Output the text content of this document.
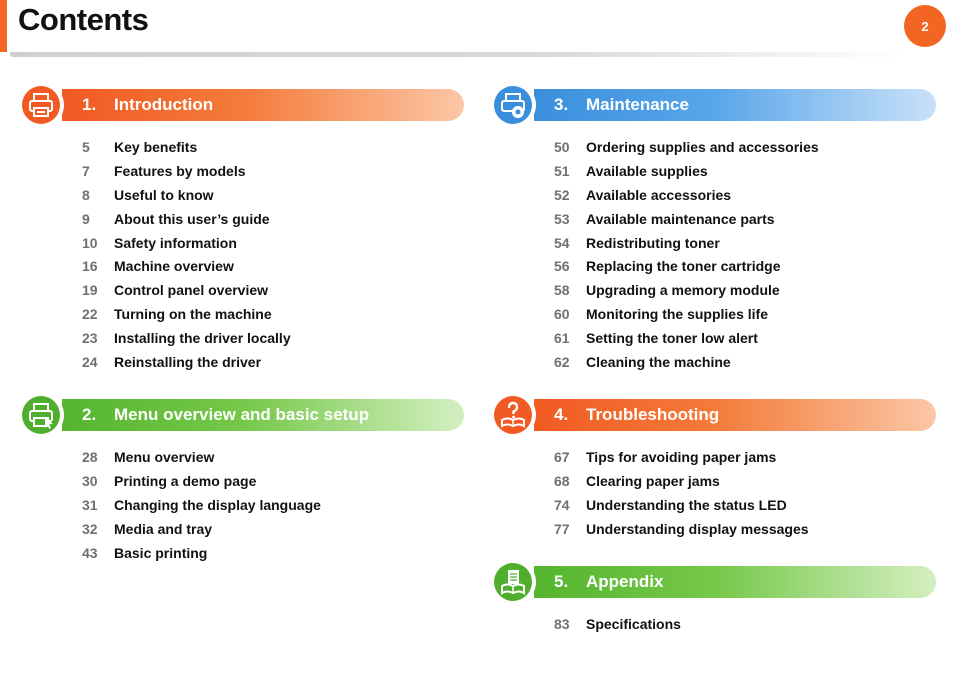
Contents	2
1.	Introduction
5	Key benefits
7	Features by models
8	Useful to know
9	About this user’s guide
10	Safety information
16	Machine overview
19	Control panel overview
22	Turning on the machine
23	Installing the driver locally
24	Reinstalling the driver
2.	Menu overview and basic setup
28	Menu overview
30	Printing a demo page
31	Changing the display language
32	Media and tray
43	Basic printing
3.	Maintenance
50	Ordering supplies and accessories
51	Available supplies
52	Available accessories
53	Available maintenance parts
54	Redistributing toner
56	Replacing the toner cartridge
58	Upgrading a memory module
60	Monitoring the supplies life
61	Setting the toner low alert
62	Cleaning the machine
4.	Troubleshooting
67	Tips for avoiding paper jams
68	Clearing paper jams
74	Understanding the status LED
77	Understanding display messages
5.	Appendix
83	Specifications
